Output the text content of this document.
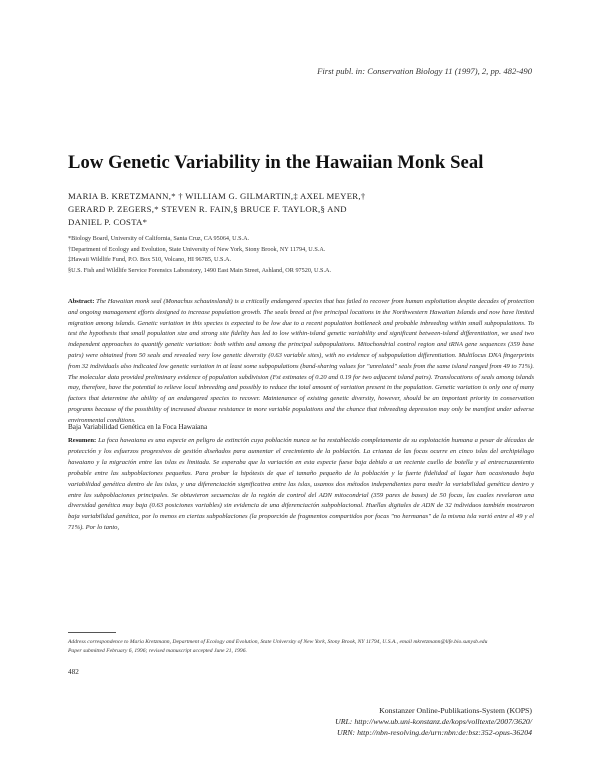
First publ. in: Conservation Biology 11 (1997), 2, pp. 482-490
Low Genetic Variability in the Hawaiian Monk Seal
MARIA B. KRETZMANN,* † WILLIAM G. GILMARTIN,‡ AXEL MEYER,†
GERARD P. ZEGERS,* STEVEN R. FAIN,§ BRUCE F. TAYLOR,§ AND
DANIEL P. COSTA*
*Biology Board, University of California, Santa Cruz, CA 95064, U.S.A.
†Department of Ecology and Evolution, State University of New York, Stony Brook, NY 11794, U.S.A.
‡Hawaii Wildlife Fund, P.O. Box 510, Volcano, HI 96785, U.S.A.
§U.S. Fish and Wildlife Service Forensics Laboratory, 1490 East Main Street, Ashland, OR 97520, U.S.A.

Abstract: The Hawaiian monk seal (Monachus schauinslandi) is a critically endangered species that has failed to recover from human exploitation despite decades of protection and ongoing management efforts designed to increase population growth. The seals breed at five principal locations in the Northwestern Hawaiian Islands and now have limited migration among islands. Genetic variation in this species is expected to be low due to a recent population bottleneck and probable inbreeding within small subpopulations. To test the hypothesis that small population size and strong site fidelity has led to low within-island genetic variability and significant between-island differentiation, we used two independent approaches to quantify genetic variation: both within and among the principal subpopulations. Mitochondrial control region and tRNA gene sequences (359 base pairs) were obtained from 50 seals and revealed very low genetic diversity (0.63 variable sites), with no evidence of subpopulation differentiation. Multilocus DNA fingerprints from 32 individuals also indicated low genetic variation in at least some subpopulations (band-sharing values for "unrelated" seals from the same island ranged from 49 to 71%). The molecular data provided preliminary evidence of population subdivision (Fst estimates of 0.20 and 0.19 for two adjacent island pairs). Translocations of seals among islands may, therefore, have the potential to relieve local inbreeding and possibly to reduce the total amount of variation present in the population. Genetic variation is only one of many factors that determine the ability of an endangered species to recover. Maintenance of existing genetic diversity, however, should be an important priority in conservation programs because of the possibility of increased disease resistance in more variable populations and the chance that inbreeding depression may only be manifest under adverse environmental conditions.

Baja Variabilidad Genética en la Foca Hawaiana

Resumen: La foca hawaiana es una especie en peligro de extinción cuya población nunca se ha restablecido completamente de su explotación humana a pesar de décadas de protección y los esfuerzos progresivos de gestión diseñados para aumentar el crecimiento de la población. La crianza de las focas ocurre en cinco islas del archipiélago hawaiano y la migración entre las islas es limitada. Se esperaba que la variación en esta especie fuese baja debido a un reciente cuello de botella y al entrecruzamiento probable entre las subpoblaciones pequeñas. Para probar la hipótesis de que el tamaño pequeño de la población y la fuerte fidelidad al lugar han ocasionado baja variabilidad genética dentro de las islas, y una diferenciación significativa entre las islas, usamos dos métodos independientes para medir la variabilidad genética dentro y entre las subpoblaciones principales. Se obtuvieron secuencias de la región de control del ADN mitocondrial (359 pares de bases) de 50 focas, las cuales revelaron una diversidad genética muy baja (0.63 posiciones variables) sin evidencia de una diferenciación subpoblacional. Huellas digitales de ADN de 32 individuos también mostraron baja variabilidad genética, por lo menos en ciertas subpoblaciones (la proporción de fragmentos compartidos por focas "no hermanas" de la misma isla varió entre el 49 y el 71%). Por lo tanto,

Address correspondence to Maria Kretzmann, Department of Ecology and Evolution, State University of New York, Stony Brook, NY 11794, U.S.A., email mkretzmann@life.bio.sunysb.edu
Paper submitted February 6, 1996; revised manuscript accepted June 21, 1996.
482
Konstanzer Online-Publikations-System (KOPS)
URL: http://www.ub.uni-konstanz.de/kops/volltexte/2007/3620/
URN: http://nbn-resolving.de/urn:nbn:de:bsz:352-opus-36204
